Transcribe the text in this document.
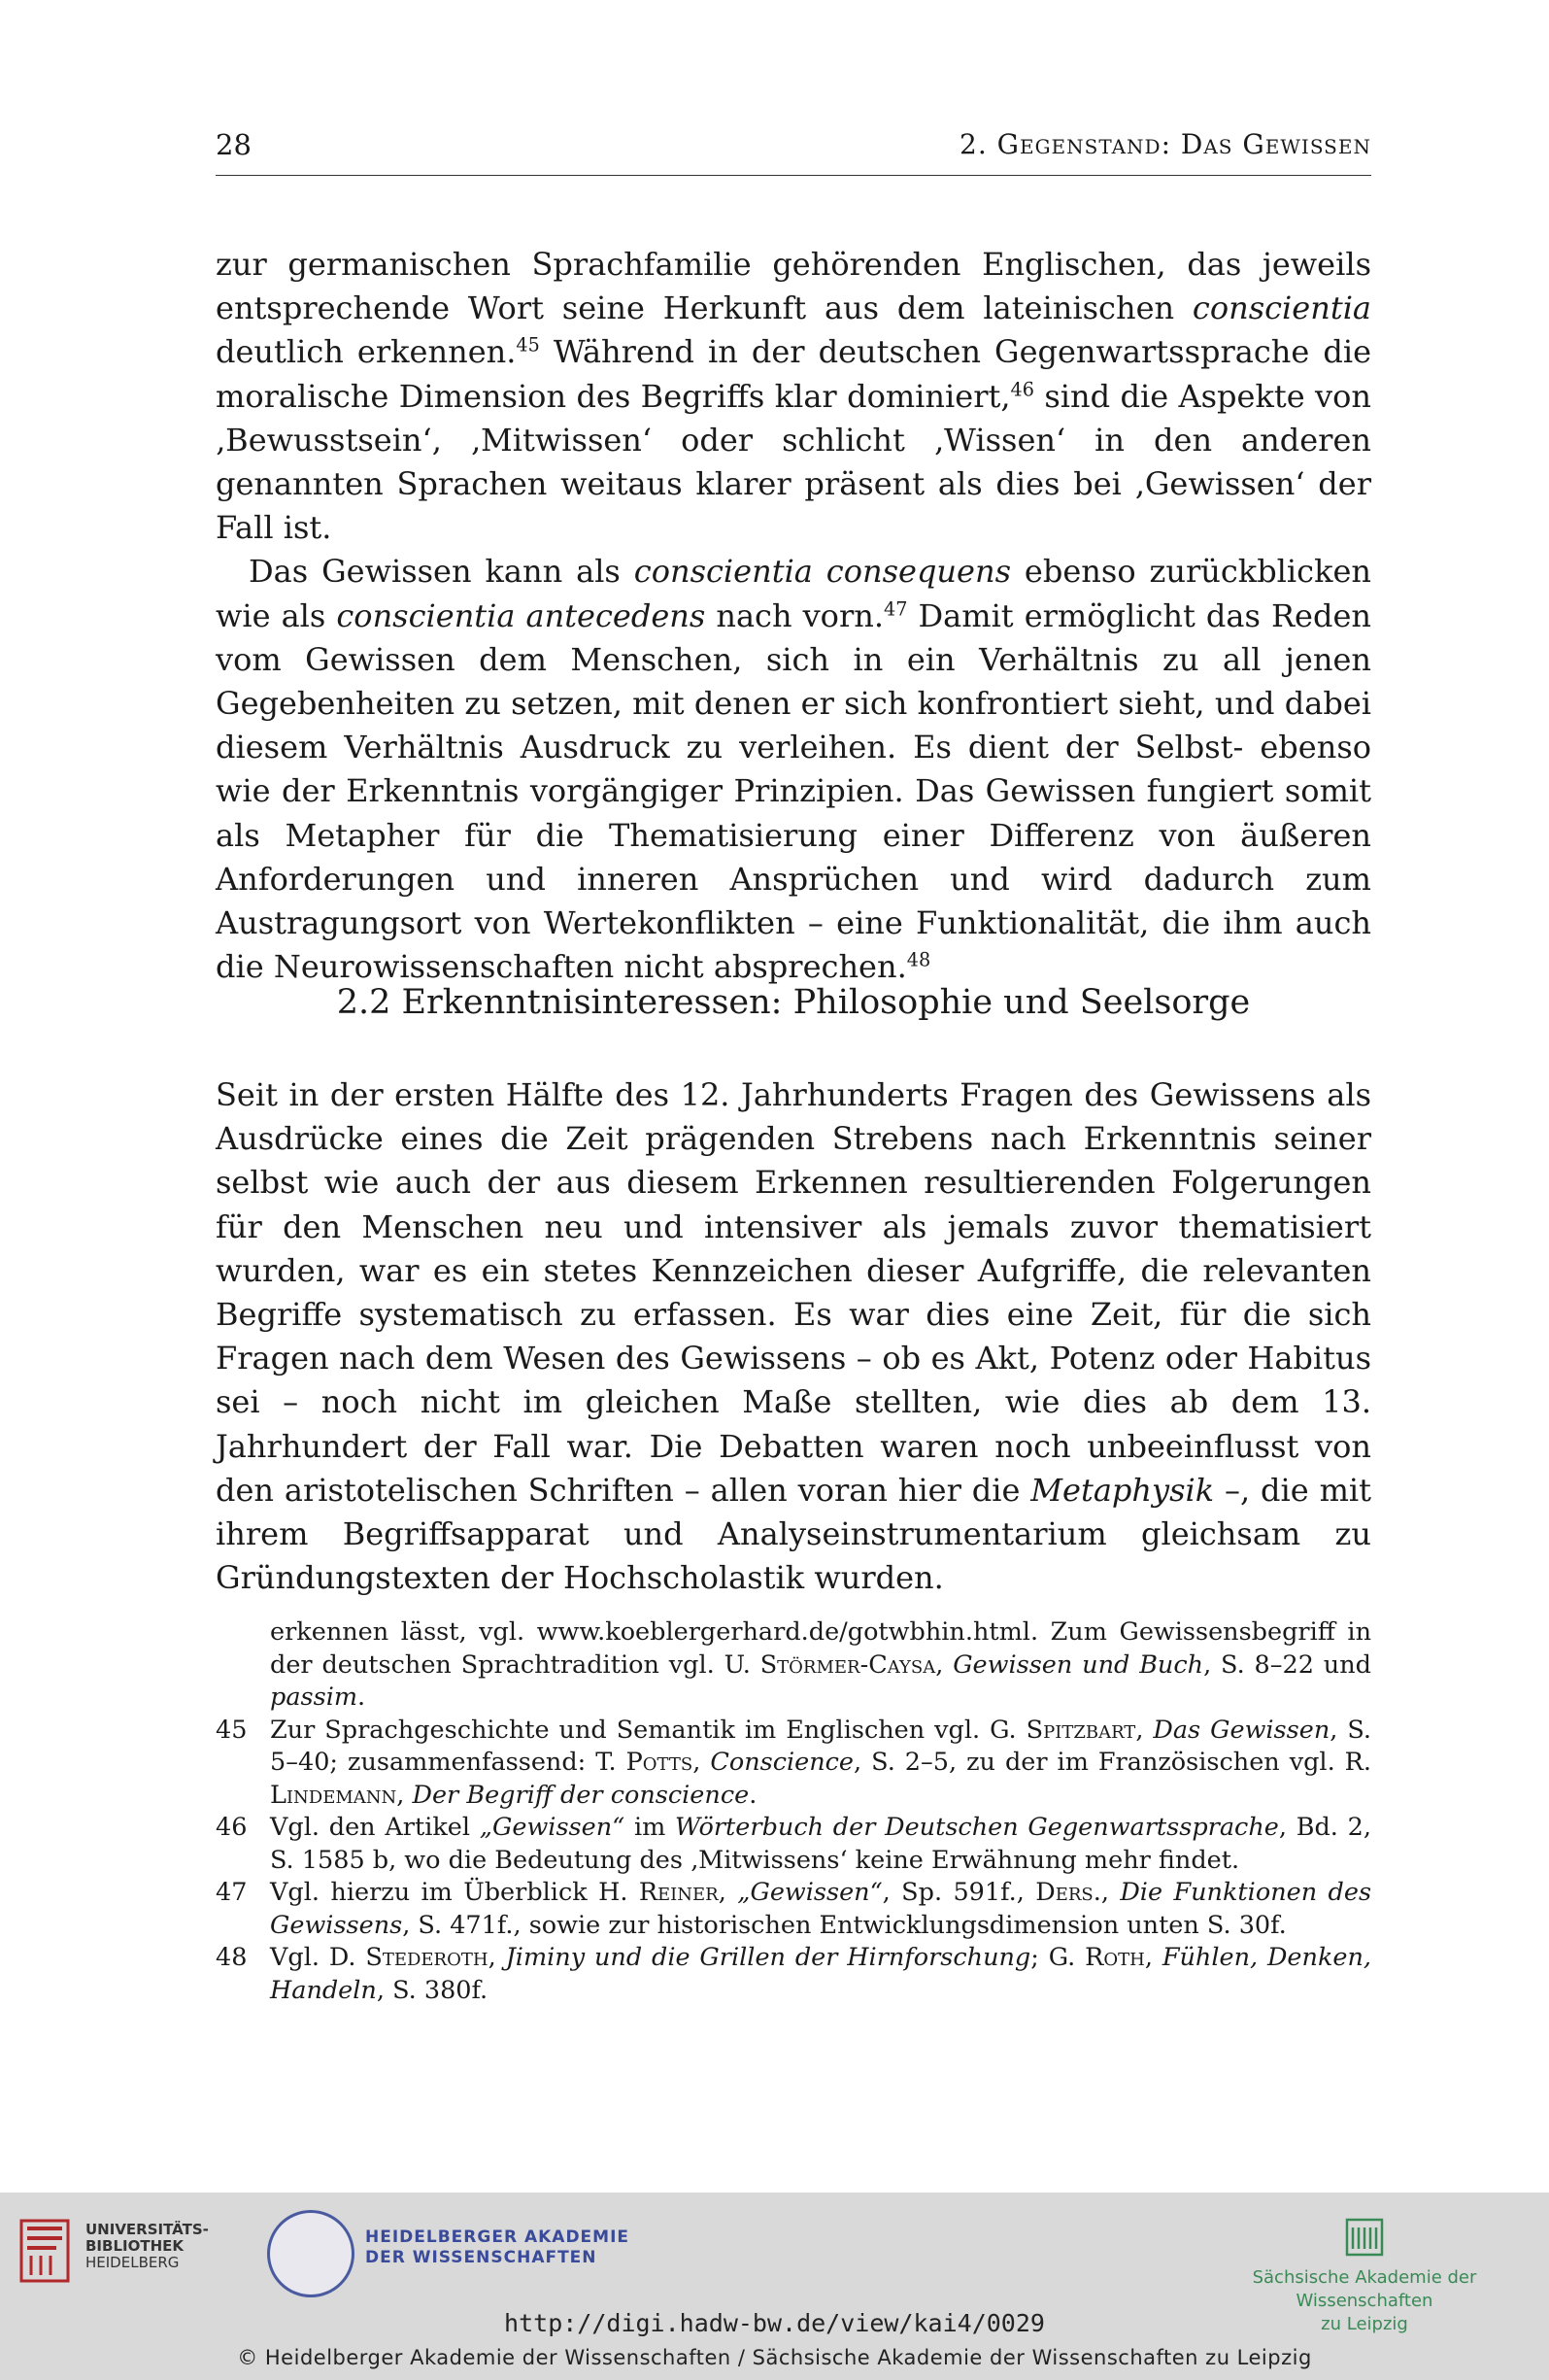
28	2. Gegenstand: Das Gewissen

zur germanischen Sprachfamilie gehörenden Englischen, das jeweils entsprechende Wort seine Herkunft aus dem lateinischen conscientia deutlich erkennen.$^{45}$ Während in der deutschen Gegenwartssprache die moralische Dimension des Begriffs klar dominiert,$^{46}$ sind die Aspekte von ‚Bewusstsein‘, ‚Mitwissen‘ oder schlicht ‚Wissen‘ in den anderen genannten Sprachen weitaus klarer präsent als dies bei ‚Gewissen‘ der Fall ist.

Das Gewissen kann als conscientia consequens ebenso zurückblicken wie als conscientia antecedens nach vorn.$^{47}$ Damit ermöglicht das Reden vom Gewissen dem Menschen, sich in ein Verhältnis zu all jenen Gegebenheiten zu setzen, mit denen er sich konfrontiert sieht, und dabei diesem Verhältnis Ausdruck zu verleihen. Es dient der Selbst- ebenso wie der Erkenntnis vorgängiger Prinzipien. Das Gewissen fungiert somit als Metapher für die Thematisierung einer Differenz von äußeren Anforderungen und inneren Ansprüchen und wird dadurch zum Austragungsort von Wertekonflikten – eine Funktionalität, die ihm auch die Neurowissenschaften nicht absprechen.$^{48}$

2.2 Erkenntnisinteressen: Philosophie und Seelsorge

Seit in der ersten Hälfte des 12. Jahrhunderts Fragen des Gewissens als Ausdrücke eines die Zeit prägenden Strebens nach Erkenntnis seiner selbst wie auch der aus diesem Erkennen resultierenden Folgerungen für den Menschen neu und intensiver als jemals zuvor thematisiert wurden, war es ein stetes Kennzeichen dieser Aufgriffe, die relevanten Begriffe systematisch zu erfassen. Es war dies eine Zeit, für die sich Fragen nach dem Wesen des Gewissens – ob es Akt, Potenz oder Habitus sei – noch nicht im gleichen Maße stellten, wie dies ab dem 13. Jahrhundert der Fall war. Die Debatten waren noch unbeeinflusst von den aristotelischen Schriften – allen voran hier die Metaphysik –, die mit ihrem Begriffsapparat und Analyseinstrumentarium gleichsam zu Gründungstexten der Hochscholastik wurden.

erkennen lässt, vgl. www.koeblergerhard.de/gotwbhin.html. Zum Gewissensbegriff in der deutschen Sprachtradition vgl. U. Störmer-Caysa, Gewissen und Buch, S. 8–22 und passim.
45 Zur Sprachgeschichte und Semantik im Englischen vgl. G. Spitzbart, Das Gewissen, S. 5–40; zusammenfassend: T. Potts, Conscience, S. 2–5, zu der im Französischen vgl. R. Lindemann, Der Begriff der conscience.
46 Vgl. den Artikel „Gewissen“ im Wörterbuch der Deutschen Gegenwartssprache, Bd. 2, S. 1585 b, wo die Bedeutung des ‚Mitwissens‘ keine Erwähnung mehr findet.
47 Vgl. hierzu im Überblick H. Reiner, „Gewissen“, Sp. 591f., Ders., Die Funktionen des Gewissens, S. 471f., sowie zur historischen Entwicklungsdimension unten S. 30f.
48 Vgl. D. Stederoth, Jiminy und die Grillen der Hirnforschung; G. Roth, Fühlen, Denken, Handeln, S. 380f.
UNIVERSITÄTS-
BIBLIOTHEK
HEIDELBERG
HEIDELBERGER AKADEMIE
DER WISSENSCHAFTEN
Sächsische Akademie der Wissenschaften
zu Leipzig
http://digi.hadw-bw.de/view/kai4/0029
© Heidelberger Akademie der Wissenschaften / Sächsische Akademie der Wissenschaften zu Leipzig
